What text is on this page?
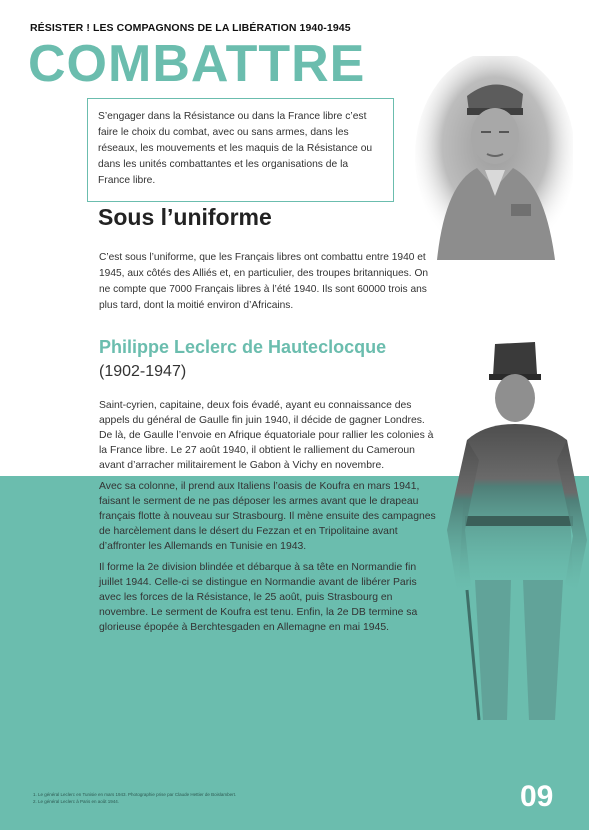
RÉSISTER ! LES COMPAGNONS DE LA LIBÉRATION 1940-1945
COMBATTRE
S’engager dans la Résistance ou dans la France libre c’est faire le choix du combat, avec ou sans armes, dans les réseaux, les mouvements et les maquis de la Résistance ou dans les unités combattantes et les organisations de la France libre.
Sous l’uniforme
C’est sous l’uniforme, que les Français libres ont combattu entre 1940 et 1945, aux côtés des Alliés et, en particulier, des troupes britanniques. On ne compte que 7000 Français libres à l’été 1940. Ils sont 60000 trois ans plus tard, dont la moitié environ d’Africains.
Philippe Leclerc de Hauteclocque
(1902-1947)

Saint-cyrien, capitaine, deux fois évadé, ayant eu connaissance des appels du général de Gaulle fin juin 1940, il décide de gagner Londres. De là, de Gaulle l’envoie en Afrique équatoriale pour rallier les colonies à la France libre. Le 27 août 1940, il obtient le ralliement du Cameroun avant d’arracher militairement le Gabon à Vichy en novembre.

Avec sa colonne, il prend aux Italiens l’oasis de Koufra en mars 1941, faisant le serment de ne pas déposer les armes avant que le drapeau français flotte à nouveau sur Strasbourg. Il mène ensuite des campagnes de harcèlement dans le désert du Fezzan et en Tripolitaine avant d’affronter les Allemands en Tunisie en 1943.

Il forme la 2e division blindée et débarque à sa tête en Normandie fin juillet 1944. Celle-ci se distingue en Normandie avant de libérer Paris avec les forces de la Résistance, le 25 août, puis Strasbourg en novembre. Le serment de Koufra est tenu. Enfin, la 2e DB termine sa glorieuse épopée à Berchtesgaden en Allemagne en mai 1945.

1. Le général Leclerc en Tunisie en mars 1943. Photographie prise par Claude Hettier de Boislambert.
2. Le général Leclerc à Paris en août 1944.	09
